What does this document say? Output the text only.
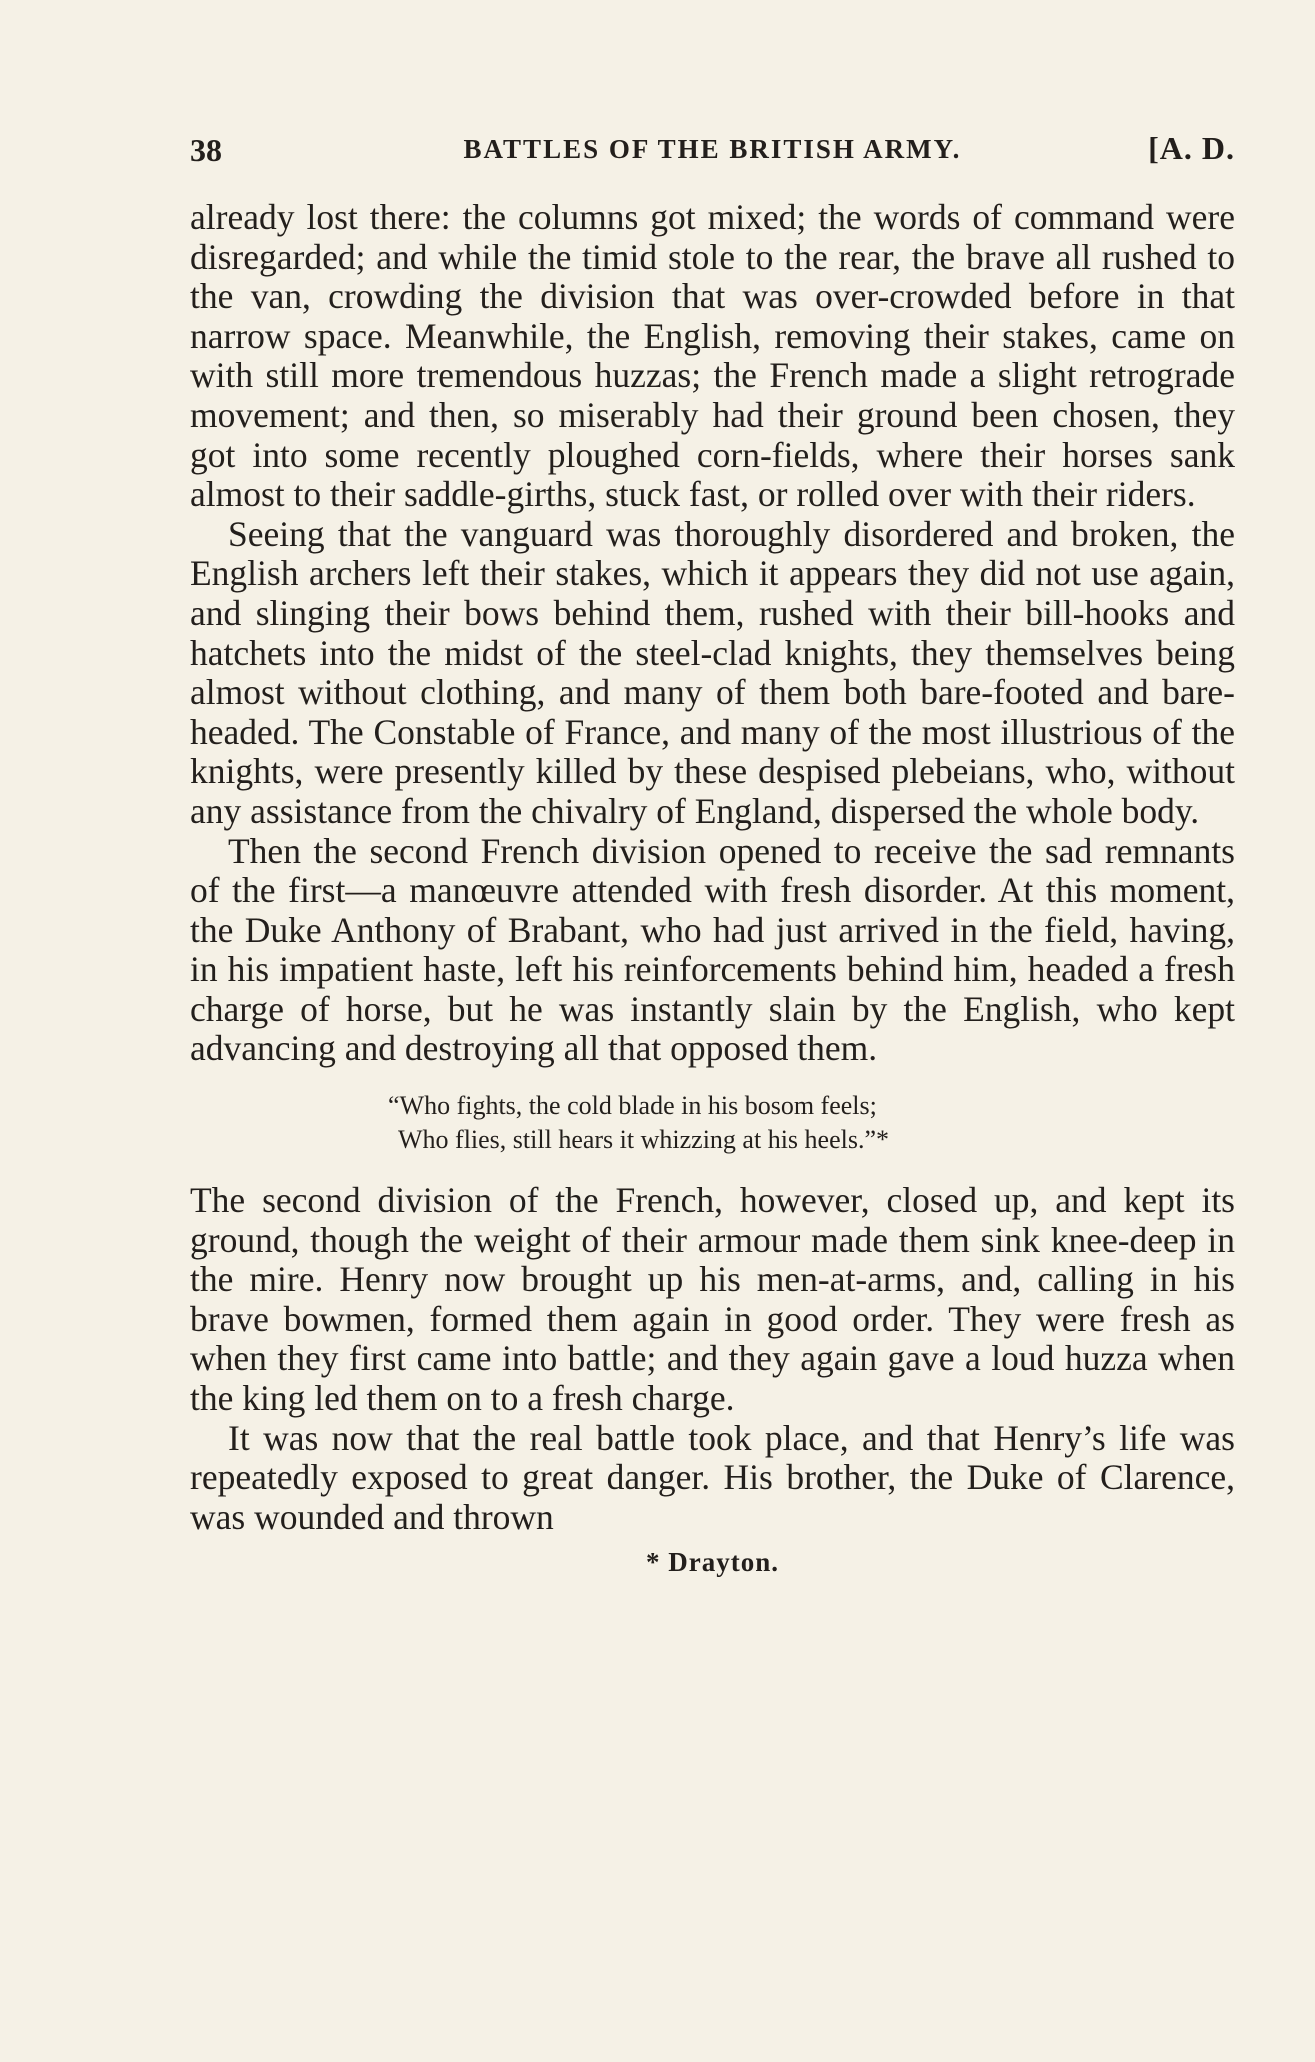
38	BATTLES OF THE BRITISH ARMY.	[A. D.

already lost there: the columns got mixed; the words of command were disregarded; and while the timid stole to the rear, the brave all rushed to the van, crowding the division that was over-crowded before in that narrow space. Meanwhile, the English, removing their stakes, came on with still more tremendous huzzas; the French made a slight retrograde movement; and then, so miserably had their ground been chosen, they got into some recently ploughed corn-fields, where their horses sank almost to their saddle-girths, stuck fast, or rolled over with their riders.

Seeing that the vanguard was thoroughly disordered and broken, the English archers left their stakes, which it appears they did not use again, and slinging their bows behind them, rushed with their bill-hooks and hatchets into the midst of the steel-clad knights, they themselves being almost without clothing, and many of them both bare-footed and bare-headed. The Constable of France, and many of the most illustrious of the knights, were presently killed by these despised plebeians, who, without any assistance from the chivalry of England, dispersed the whole body.

Then the second French division opened to receive the sad remnants of the first—a manœuvre attended with fresh disorder. At this moment, the Duke Anthony of Brabant, who had just arrived in the field, having, in his impatient haste, left his reinforcements behind him, headed a fresh charge of horse, but he was instantly slain by the English, who kept advancing and destroying all that opposed them.

“Who fights, the cold blade in his bosom feels;
Who flies, still hears it whizzing at his heels.”*

The second division of the French, however, closed up, and kept its ground, though the weight of their armour made them sink knee-deep in the mire. Henry now brought up his men-at-arms, and, calling in his brave bowmen, formed them again in good order. They were fresh as when they first came into battle; and they again gave a loud huzza when the king led them on to a fresh charge.

It was now that the real battle took place, and that Henry’s life was repeatedly exposed to great danger. His brother, the Duke of Clarence, was wounded and thrown

* Drayton.
